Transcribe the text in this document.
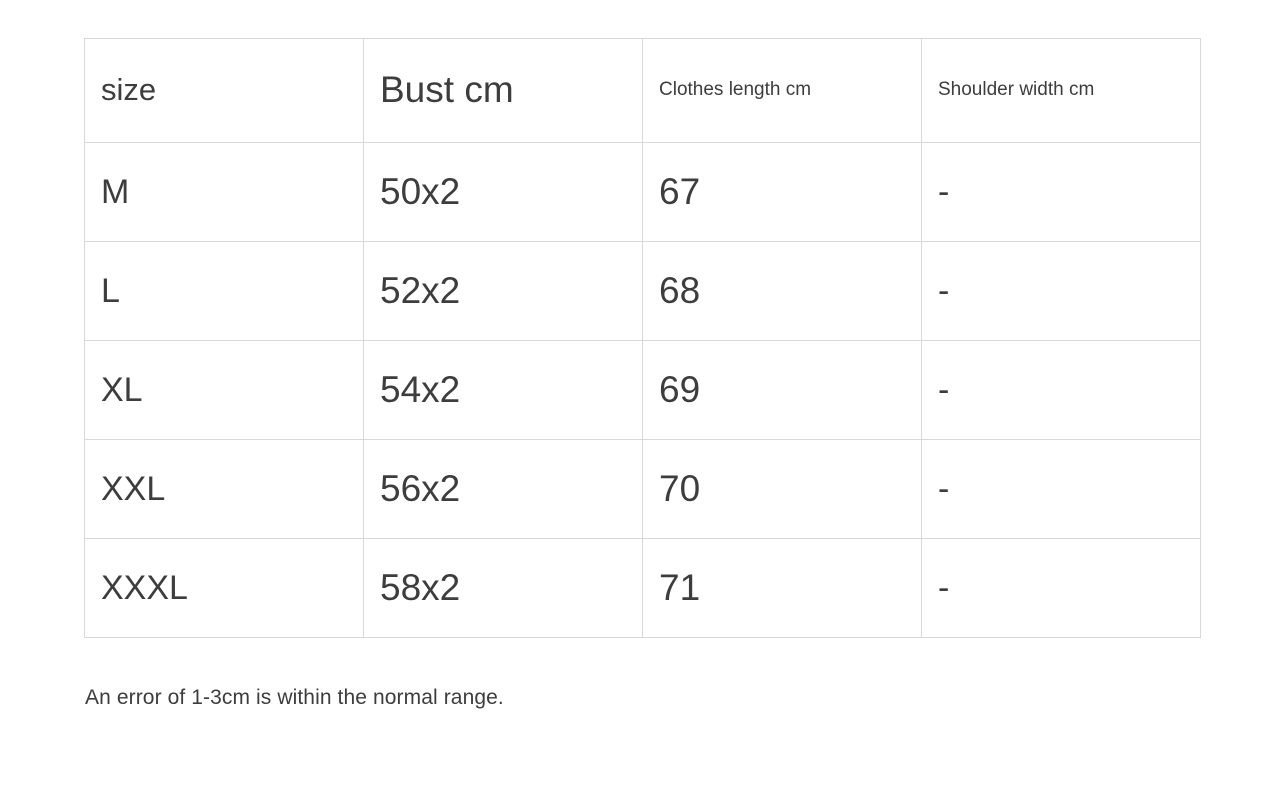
size	Bust cm	Clothes length cm	Shoulder width cm
M	50x2	67	-
L	52x2	68	-
XL	54x2	69	-
XXL	56x2	70	-
XXXL	58x2	71	-
An error of 1-3cm is within the normal range.
